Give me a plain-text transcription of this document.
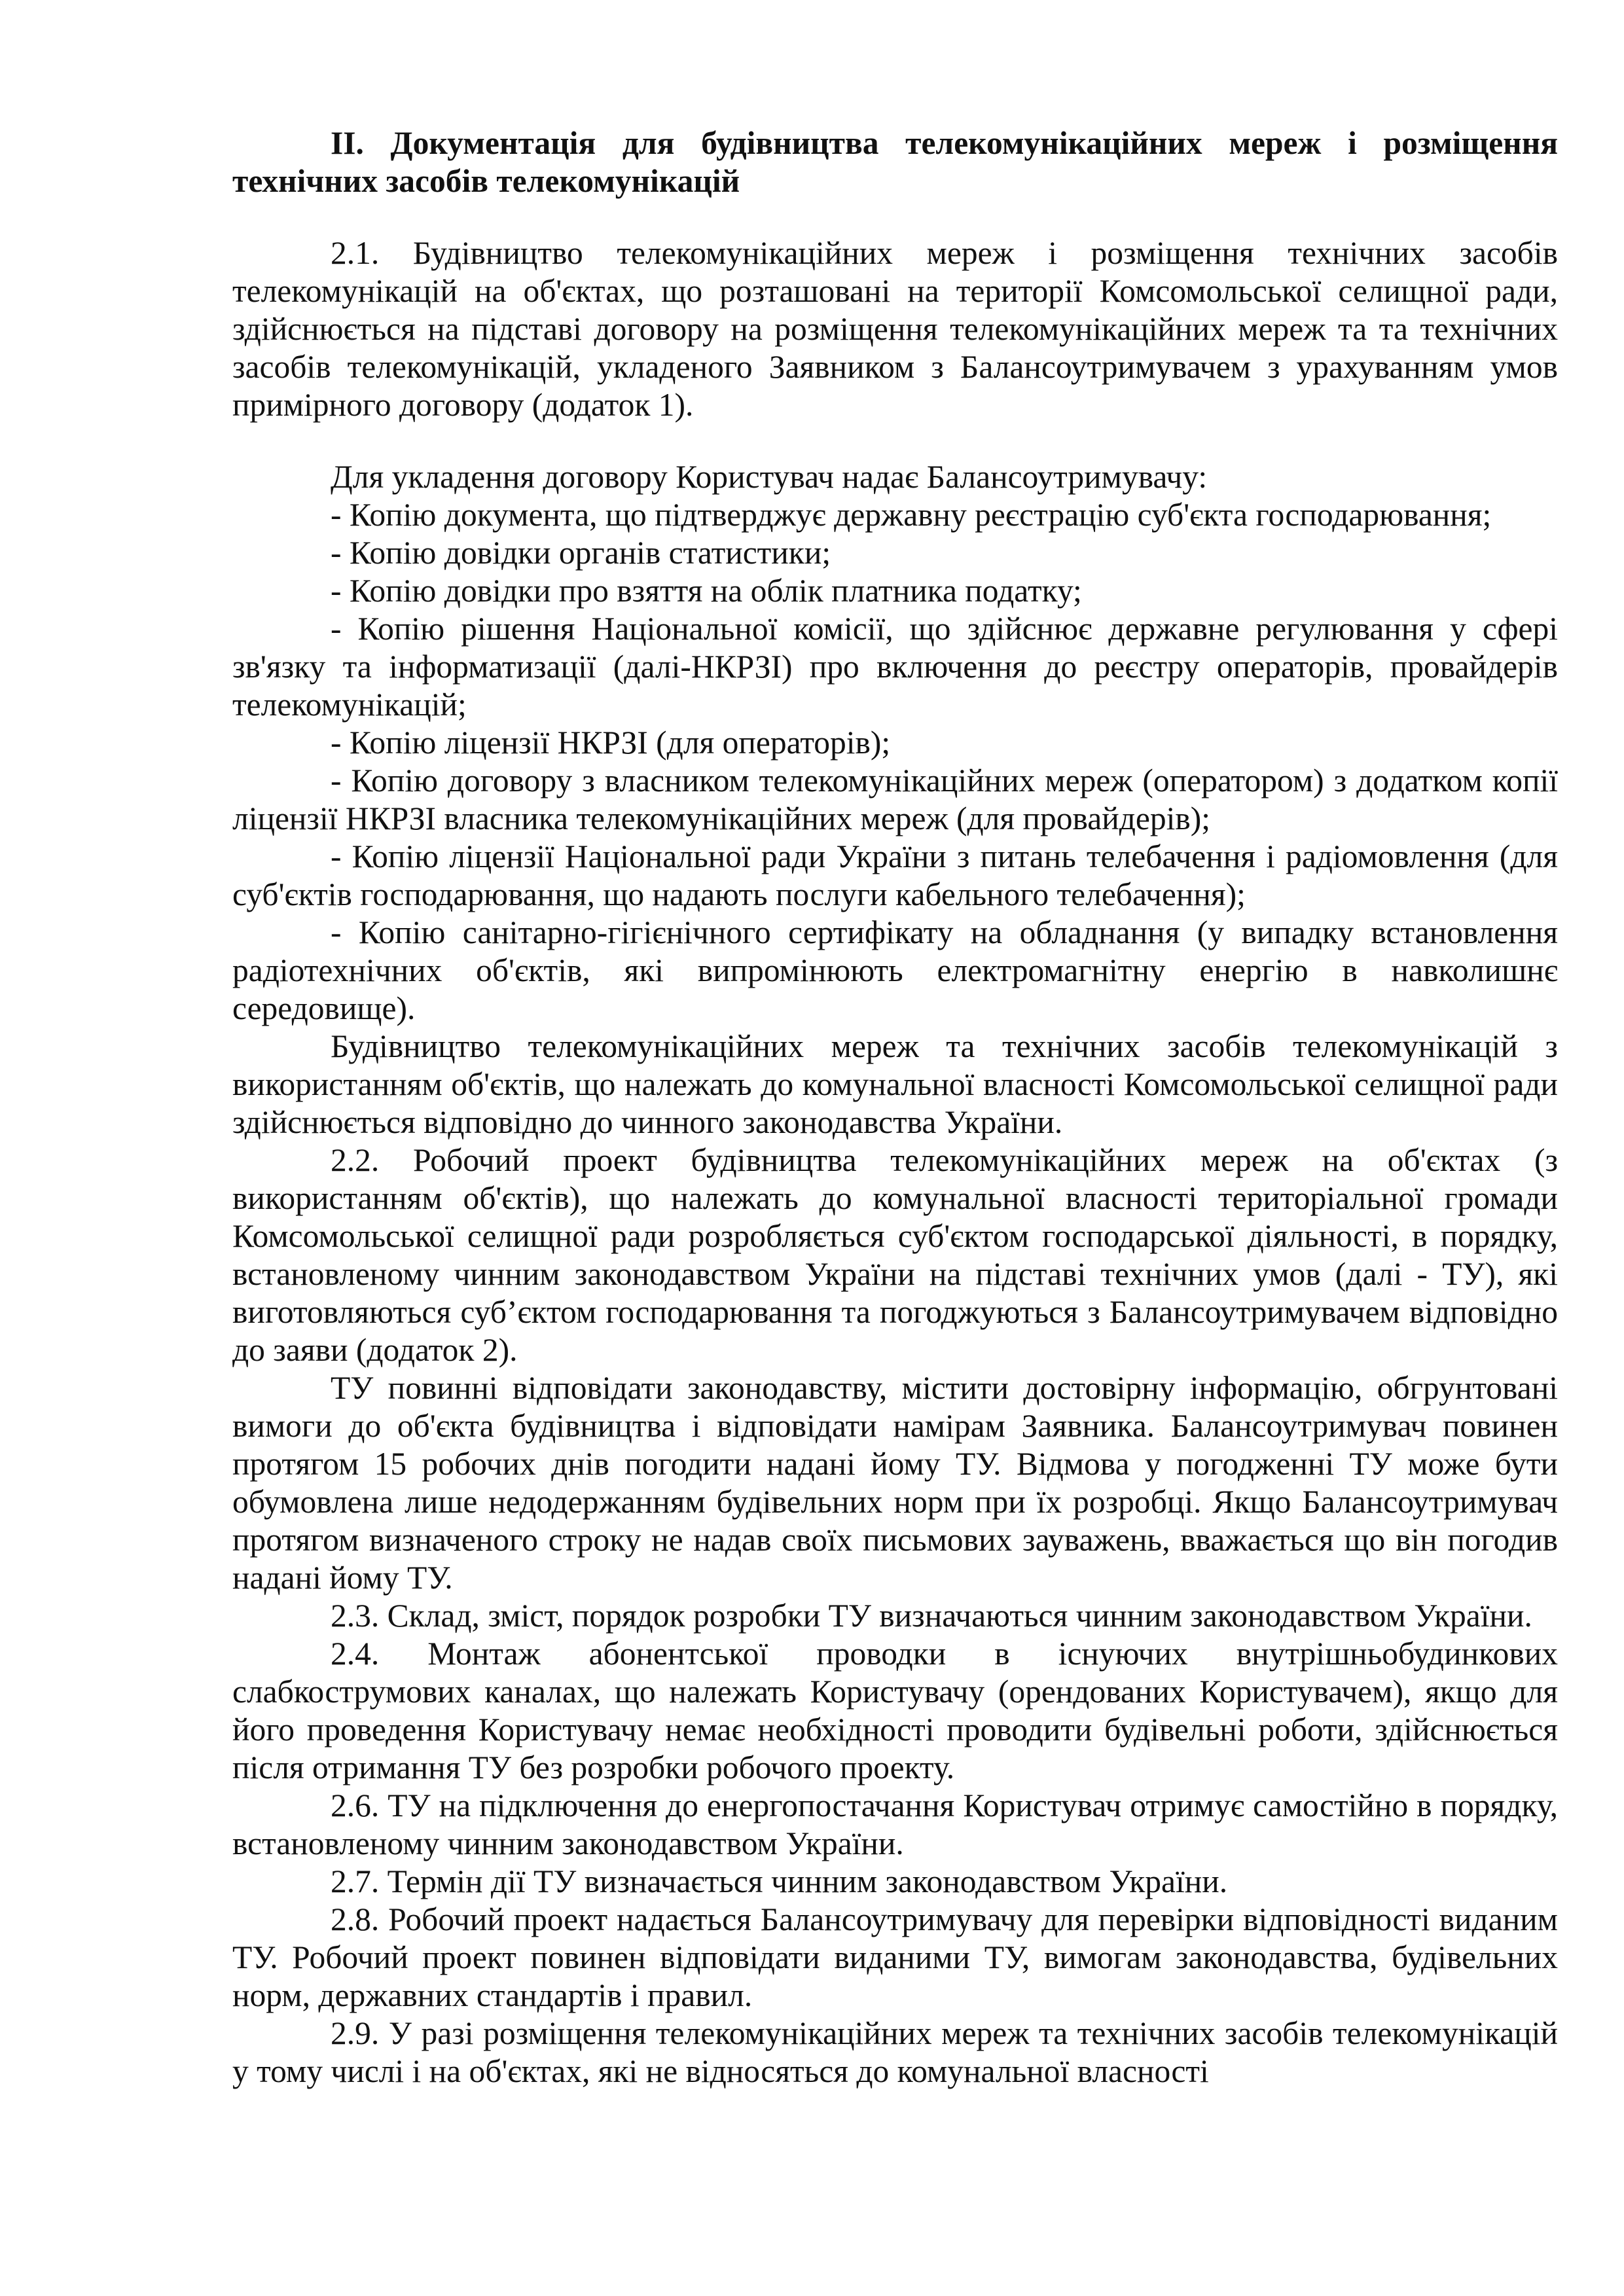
ІІ. Документація для будівництва телекомунікаційних мереж і розміщення технічних засобів телекомунікацій

2.1. Будівництво телекомунікаційних мереж і розміщення технічних засобів телекомунікацій на об'єктах, що розташовані на території Комсомольської селищної ради, здійснюється на підставі договору на розміщення телекомунікаційних мереж та та технічних засобів телекомунікацій, укладеного Заявником з Балансоутримувачем з урахуванням умов примірного договору (додаток 1).

Для укладення договору Користувач надає Балансоутримувачу:

- Копію документа, що підтверджує державну реєстрацію суб'єкта господарювання;

- Копію довідки органів статистики;

- Копію довідки про взяття на облік платника податку;

- Копію рішення Національної комісії, що здійснює державне регулювання у сфері зв'язку та інформатизації (далі-НКРЗІ) про включення до реєстру операторів, провайдерів телекомунікацій;

- Копію ліцензії НКРЗІ (для операторів);

- Копію договору з власником телекомунікаційних мереж (оператором) з додатком копії ліцензії НКРЗІ власника телекомунікаційних мереж (для провайдерів);

- Копію ліцензії Національної ради України з питань телебачення і радіомовлення (для суб'єктів господарювання, що надають послуги кабельного телебачення);

- Копію санітарно-гігієнічного сертифікату на обладнання (у випадку встановлення радіотехнічних об'єктів, які випромінюють електромагнітну енергію в навколишнє середовище).

Будівництво телекомунікаційних мереж та технічних засобів телекомунікацій з використанням об'єктів, що належать до комунальної власності Комсомольської селищної ради здійснюється відповідно до чинного законодавства України.

2.2. Робочий проект будівництва телекомунікаційних мереж на об'єктах (з використанням об'єктів), що належать до комунальної власності територіальної громади Комсомольської селищної ради розробляється суб'єктом господарської діяльності, в порядку, встановленому чинним законодавством України на підставі технічних умов (далі - ТУ), які виготовляються суб’єктом господарювання та погоджуються з Балансоутримувачем відповідно до заяви (додаток 2).

ТУ повинні відповідати законодавству, містити достовірну інформацію, обгрунтовані вимоги до об'єкта будівництва і відповідати намірам Заявника. Балансоутримувач повинен протягом 15 робочих днів погодити надані йому ТУ. Відмова у погодженні ТУ може бути обумовлена лише недодержанням будівельних норм при їх розробці. Якщо Балансоутримувач протягом визначеного строку не надав своїх письмових зауважень, вважається що він погодив надані йому ТУ.

2.3. Склад, зміст, порядок розробки ТУ визначаються чинним законодавством України.

2.4. Монтаж абонентської проводки в існуючих внутрішньобудинкових слабкострумових каналах, що належать Користувачу (орендованих Користувачем), якщо для його проведення Користувачу немає необхідності проводити будівельні роботи, здійснюється після отримання ТУ без розробки робочого проекту.

2.6. ТУ на підключення до енергопостачання Користувач отримує самостійно в порядку, встановленому чинним законодавством України.

2.7. Термін дії ТУ визначається чинним законодавством України.

2.8. Робочий проект надається Балансоутримувачу для перевірки відповідності виданим ТУ. Робочий проект повинен відповідати виданими ТУ, вимогам законодавства, будівельних норм, державних стандартів і правил.

2.9. У разі розміщення телекомунікаційних мереж та технічних засобів телекомунікацій у тому числі і на об'єктах, які не відносяться до комунальної власності
